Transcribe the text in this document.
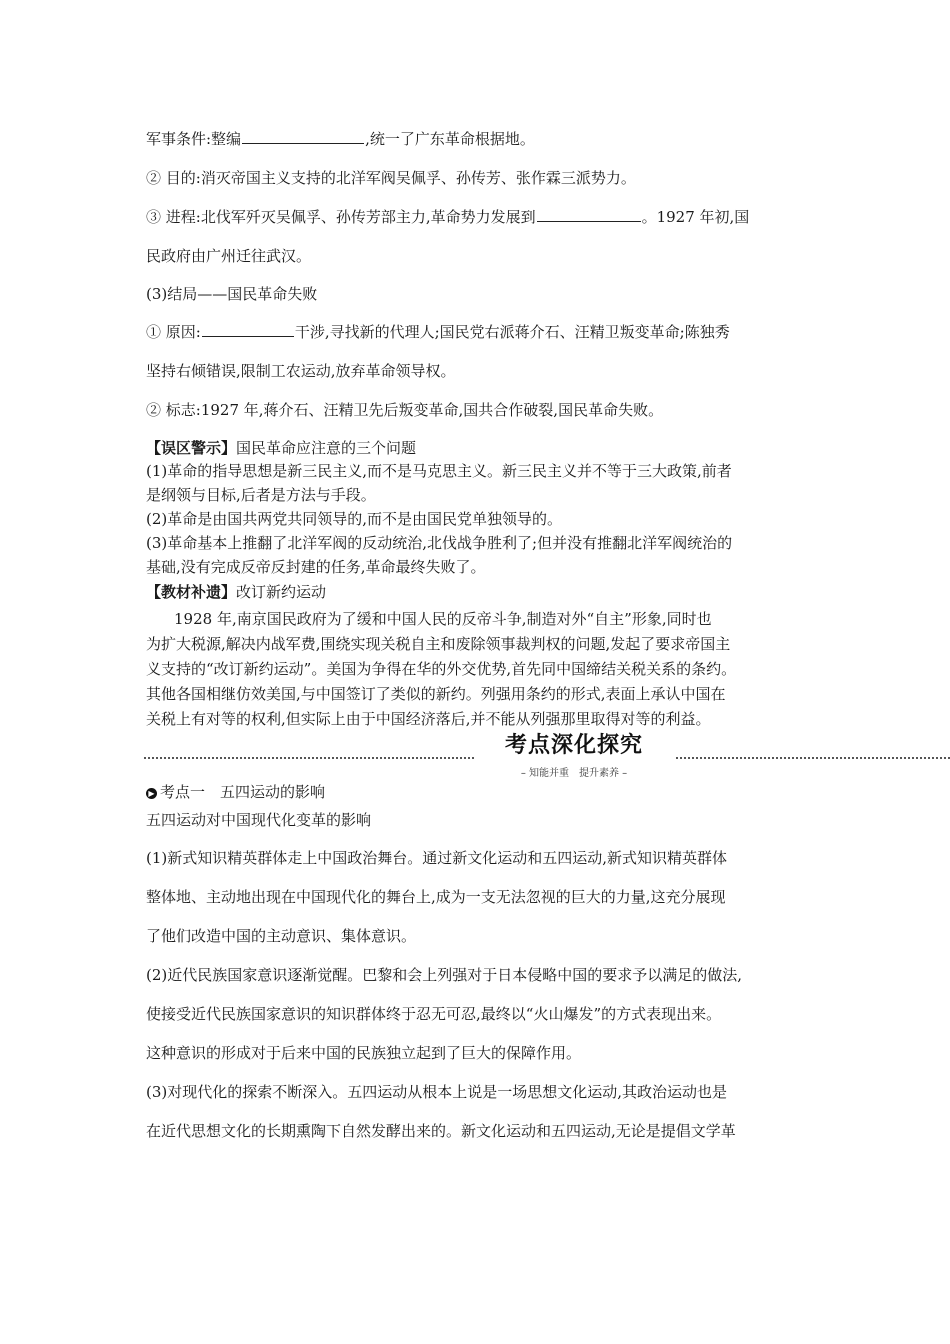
军事条件:整编	,统一了广东革命根据地。
② 目的:消灭帝国主义支持的北洋军阀吴佩孚、孙传芳、张作霖三派势力。
③ 进程:北伐军歼灭吴佩孚、孙传芳部主力,革命势力发展到	。1927 年初,国
民政府由广州迁往武汉。
(3)结局——国民革命失败
① 原因:	干涉,寻找新的代理人;国民党右派蒋介石、汪精卫叛变革命;陈独秀
坚持右倾错误,限制工农运动,放弃革命领导权。
② 标志:1927 年,蒋介石、汪精卫先后叛变革命,国共合作破裂,国民革命失败。
【误区警示】国民革命应注意的三个问题
(1)革命的指导思想是新三民主义,而不是马克思主义。新三民主义并不等于三大政策,前者
是纲领与目标,后者是方法与手段。
(2)革命是由国共两党共同领导的,而不是由国民党单独领导的。
(3)革命基本上推翻了北洋军阀的反动统治,北伐战争胜利了;但并没有推翻北洋军阀统治的
基础,没有完成反帝反封建的任务,革命最终失败了。
【教材补遗】改订新约运动
1928 年,南京国民政府为了缓和中国人民的反帝斗争,制造对外“自主”形象,同时也
为扩大税源,解决内战军费,围绕实现关税自主和废除领事裁判权的问题,发起了要求帝国主
义支持的“改订新约运动”。美国为争得在华的外交优势,首先同中国缔结关税关系的条约。
其他各国相继仿效美国,与中国签订了类似的新约。列强用条约的形式,表面上承认中国在
关税上有对等的权利,但实际上由于中国经济落后,并不能从列强那里取得对等的利益。
考点深化探究
– 知能并重　提升素养 –
▶ 考点一　五四运动的影响
五四运动对中国现代化变革的影响
(1)新式知识精英群体走上中国政治舞台。通过新文化运动和五四运动,新式知识精英群体
整体地、主动地出现在中国现代化的舞台上,成为一支无法忽视的巨大的力量,这充分展现
了他们改造中国的主动意识、集体意识。
(2)近代民族国家意识逐渐觉醒。巴黎和会上列强对于日本侵略中国的要求予以满足的做法,
使接受近代民族国家意识的知识群体终于忍无可忍,最终以“火山爆发”的方式表现出来。
这种意识的形成对于后来中国的民族独立起到了巨大的保障作用。
(3)对现代化的探索不断深入。五四运动从根本上说是一场思想文化运动,其政治运动也是
在近代思想文化的长期熏陶下自然发酵出来的。新文化运动和五四运动,无论是提倡文学革
